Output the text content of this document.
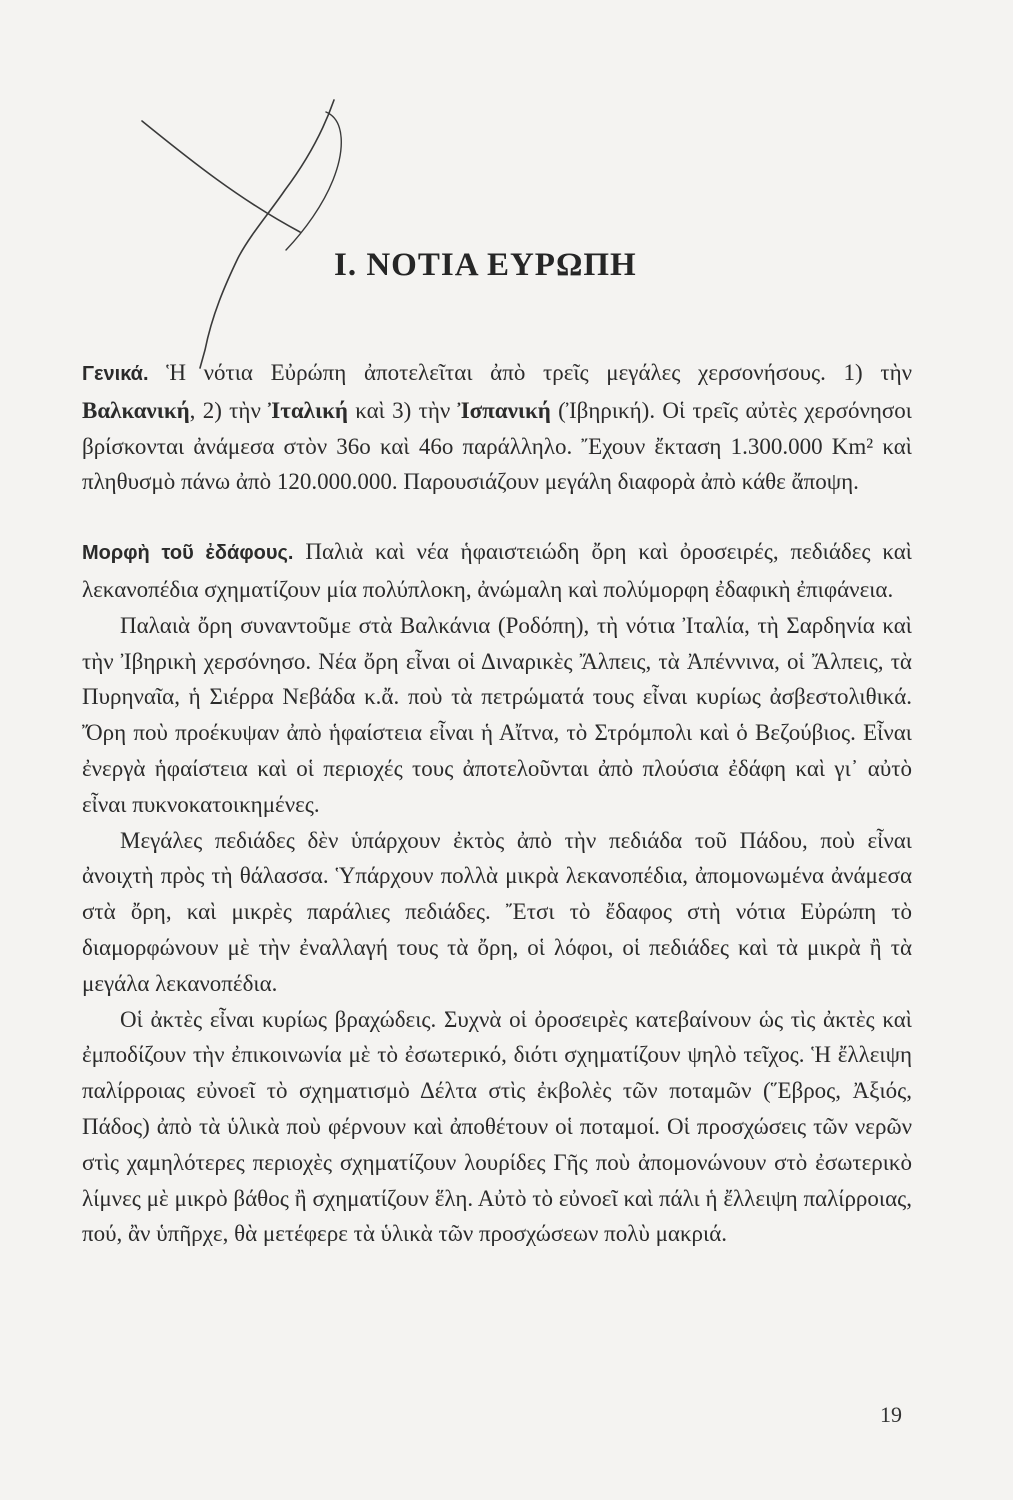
Ι. ΝΟΤΙΑ ΕΥΡΩΠΗ

Γενικά. Ἡ νότια Εὐρώπη ἀποτελεῖται ἀπὸ τρεῖς μεγάλες χερσονήσους. 1) τὴν Βαλκανική, 2) τὴν Ἰταλική καὶ 3) τὴν Ἰσπανική (Ἰβηρική). Οἱ τρεῖς αὐτὲς χερσόνησοι βρίσκονται ἀνάμεσα στὸν 36ο καὶ 46ο παράλληλο. Ἔχουν ἔκταση 1.300.000 Km² καὶ πληθυσμὸ πάνω ἀπὸ 120.000.000. Παρουσιάζουν μεγάλη διαφορὰ ἀπὸ κάθε ἄποψη.

Μορφὴ τοῦ ἐδάφους. Παλιὰ καὶ νέα ἡφαιστειώδη ὄρη καὶ ὀροσειρές, πεδιάδες καὶ λεκανοπέδια σχηματίζουν μία πολύπλοκη, ἀνώμαλη καὶ πολύμορφη ἐδαφικὴ ἐπιφάνεια.

Παλαιὰ ὄρη συναντοῦμε στὰ Βαλκάνια (Ροδόπη), τὴ νότια Ἰταλία, τὴ Σαρδηνία καὶ τὴν Ἰβηρικὴ χερσόνησο. Νέα ὄρη εἶναι οἱ Διναρικὲς Ἄλπεις, τὰ Ἀπέννινα, οἱ Ἄλπεις, τὰ Πυρηναῖα, ἡ Σιέρρα Νεβάδα κ.ἄ. ποὺ τὰ πετρώματά τους εἶναι κυρίως ἀσβεστολιθικά. Ὄρη ποὺ προέκυψαν ἀπὸ ἡφαίστεια εἶναι ἡ Αἴτνα, τὸ Στρόμπολι καὶ ὁ Βεζούβιος. Εἶναι ἐνεργὰ ἡφαίστεια καὶ οἱ περιοχές τους ἀποτελοῦνται ἀπὸ πλούσια ἐδάφη καὶ γι᾿ αὐτὸ εἶναι πυκνοκατοικημένες.

Μεγάλες πεδιάδες δὲν ὑπάρχουν ἐκτὸς ἀπὸ τὴν πεδιάδα τοῦ Πάδου, ποὺ εἶναι ἀνοιχτὴ πρὸς τὴ θάλασσα. Ὑπάρχουν πολλὰ μικρὰ λεκανοπέδια, ἀπομονωμένα ἀνάμεσα στὰ ὄρη, καὶ μικρὲς παράλιες πεδιάδες. Ἔτσι τὸ ἔδαφος στὴ νότια Εὐρώπη τὸ διαμορφώνουν μὲ τὴν ἐναλλαγή τους τὰ ὄρη, οἱ λόφοι, οἱ πεδιάδες καὶ τὰ μικρὰ ἢ τὰ μεγάλα λεκανοπέδια.

Οἱ ἀκτὲς εἶναι κυρίως βραχώδεις. Συχνὰ οἱ ὀροσειρὲς κατεβαίνουν ὡς τὶς ἀκτὲς καὶ ἐμποδίζουν τὴν ἐπικοινωνία μὲ τὸ ἐσωτερικό, διότι σχηματίζουν ψηλὸ τεῖχος. Ἡ ἔλλειψη παλίρροιας εὐνοεῖ τὸ σχηματισμὸ Δέλτα στὶς ἐκβολὲς τῶν ποταμῶν (Ἕβρος, Ἀξιός, Πάδος) ἀπὸ τὰ ὑλικὰ ποὺ φέρνουν καὶ ἀποθέτουν οἱ ποταμοί. Οἱ προσχώσεις τῶν νερῶν στὶς χαμηλότερες περιοχὲς σχηματίζουν λουρίδες Γῆς ποὺ ἀπομονώνουν στὸ ἐσωτερικὸ λίμνες μὲ μικρὸ βάθος ἢ σχηματίζουν ἕλη. Αὐτὸ τὸ εὐνοεῖ καὶ πάλι ἡ ἔλλειψη παλίρροιας, πού, ἂν ὑπῆρχε, θὰ μετέφερε τὰ ὑλικὰ τῶν προσχώσεων πολὺ μακριά.

19
